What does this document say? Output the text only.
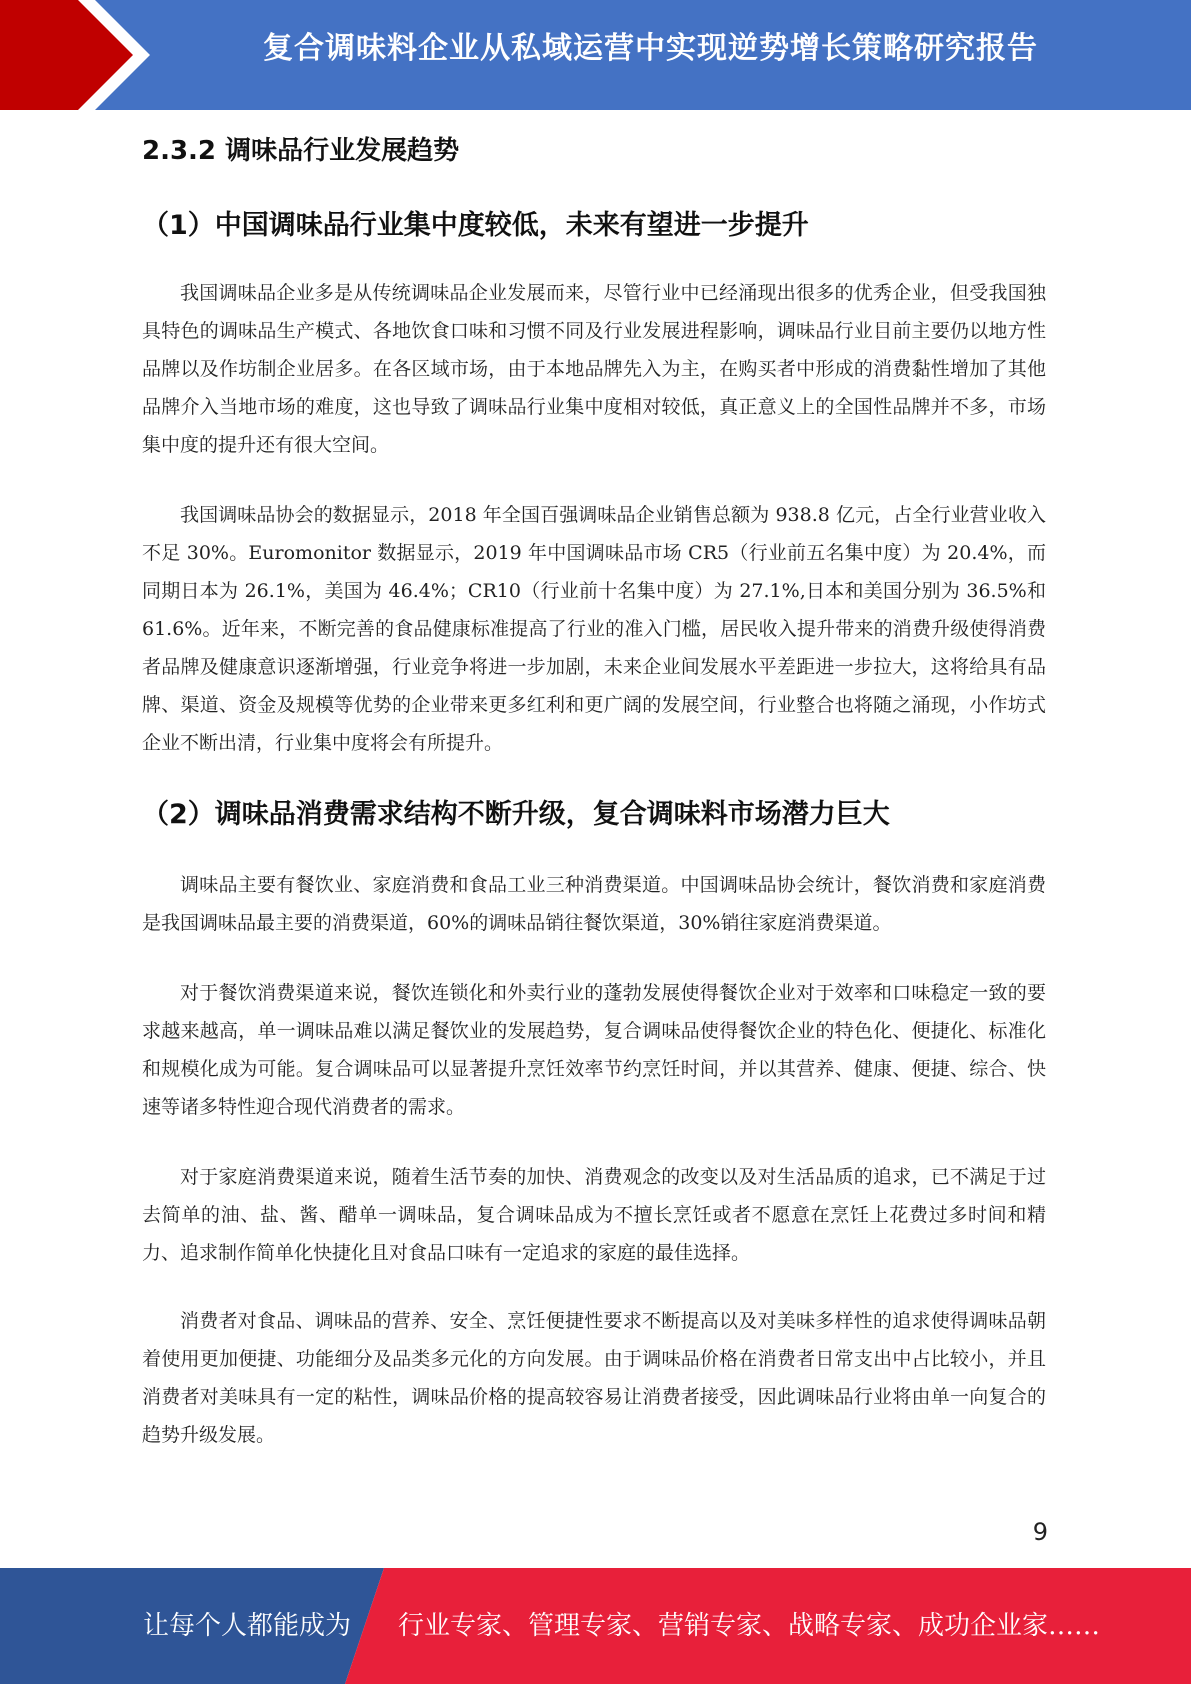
复合调味料企业从私域运营中实现逆势增长策略研究报告
2.3.2 调味品行业发展趋势
（1）中国调味品行业集中度较低，未来有望进一步提升
我国调味品企业多是从传统调味品企业发展而来，尽管行业中已经涌现出很多的优秀企业，但受我国独具特色的调味品生产模式、各地饮食口味和习惯不同及行业发展进程影响，调味品行业目前主要仍以地方性品牌以及作坊制企业居多。在各区域市场，由于本地品牌先入为主，在购买者中形成的消费黏性增加了其他品牌介入当地市场的难度，这也导致了调味品行业集中度相对较低，真正意义上的全国性品牌并不多，市场集中度的提升还有很大空间。
我国调味品协会的数据显示，2018 年全国百强调味品企业销售总额为 938.8 亿元，占全行业营业收入不足 30%。Euromonitor 数据显示，2019 年中国调味品市场 CR5（行业前五名集中度）为 20.4%，而同期日本为 26.1%，美国为 46.4%；CR10（行业前十名集中度）为 27.1%,日本和美国分别为 36.5%和 61.6%。近年来，不断完善的食品健康标准提高了行业的准入门槛，居民收入提升带来的消费升级使得消费者品牌及健康意识逐渐增强，行业竞争将进一步加剧，未来企业间发展水平差距进一步拉大，这将给具有品牌、渠道、资金及规模等优势的企业带来更多红利和更广阔的发展空间，行业整合也将随之涌现，小作坊式企业不断出清，行业集中度将会有所提升。
（2）调味品消费需求结构不断升级，复合调味料市场潜力巨大
调味品主要有餐饮业、家庭消费和食品工业三种消费渠道。中国调味品协会统计，餐饮消费和家庭消费是我国调味品最主要的消费渠道，60%的调味品销往餐饮渠道，30%销往家庭消费渠道。
对于餐饮消费渠道来说，餐饮连锁化和外卖行业的蓬勃发展使得餐饮企业对于效率和口味稳定一致的要求越来越高，单一调味品难以满足餐饮业的发展趋势，复合调味品使得餐饮企业的特色化、便捷化、标准化和规模化成为可能。复合调味品可以显著提升烹饪效率节约烹饪时间，并以其营养、健康、便捷、综合、快速等诸多特性迎合现代消费者的需求。
对于家庭消费渠道来说，随着生活节奏的加快、消费观念的改变以及对生活品质的追求，已不满足于过去简单的油、盐、酱、醋单一调味品，复合调味品成为不擅长烹饪或者不愿意在烹饪上花费过多时间和精力、追求制作简单化快捷化且对食品口味有一定追求的家庭的最佳选择。
消费者对食品、调味品的营养、安全、烹饪便捷性要求不断提高以及对美味多样性的追求使得调味品朝着使用更加便捷、功能细分及品类多元化的方向发展。由于调味品价格在消费者日常支出中占比较小，并且消费者对美味具有一定的粘性，调味品价格的提高较容易让消费者接受，因此调味品行业将由单一向复合的趋势升级发展。
9
让每个人都能成为 行业专家、管理专家、营销专家、战略专家、成功企业家……
